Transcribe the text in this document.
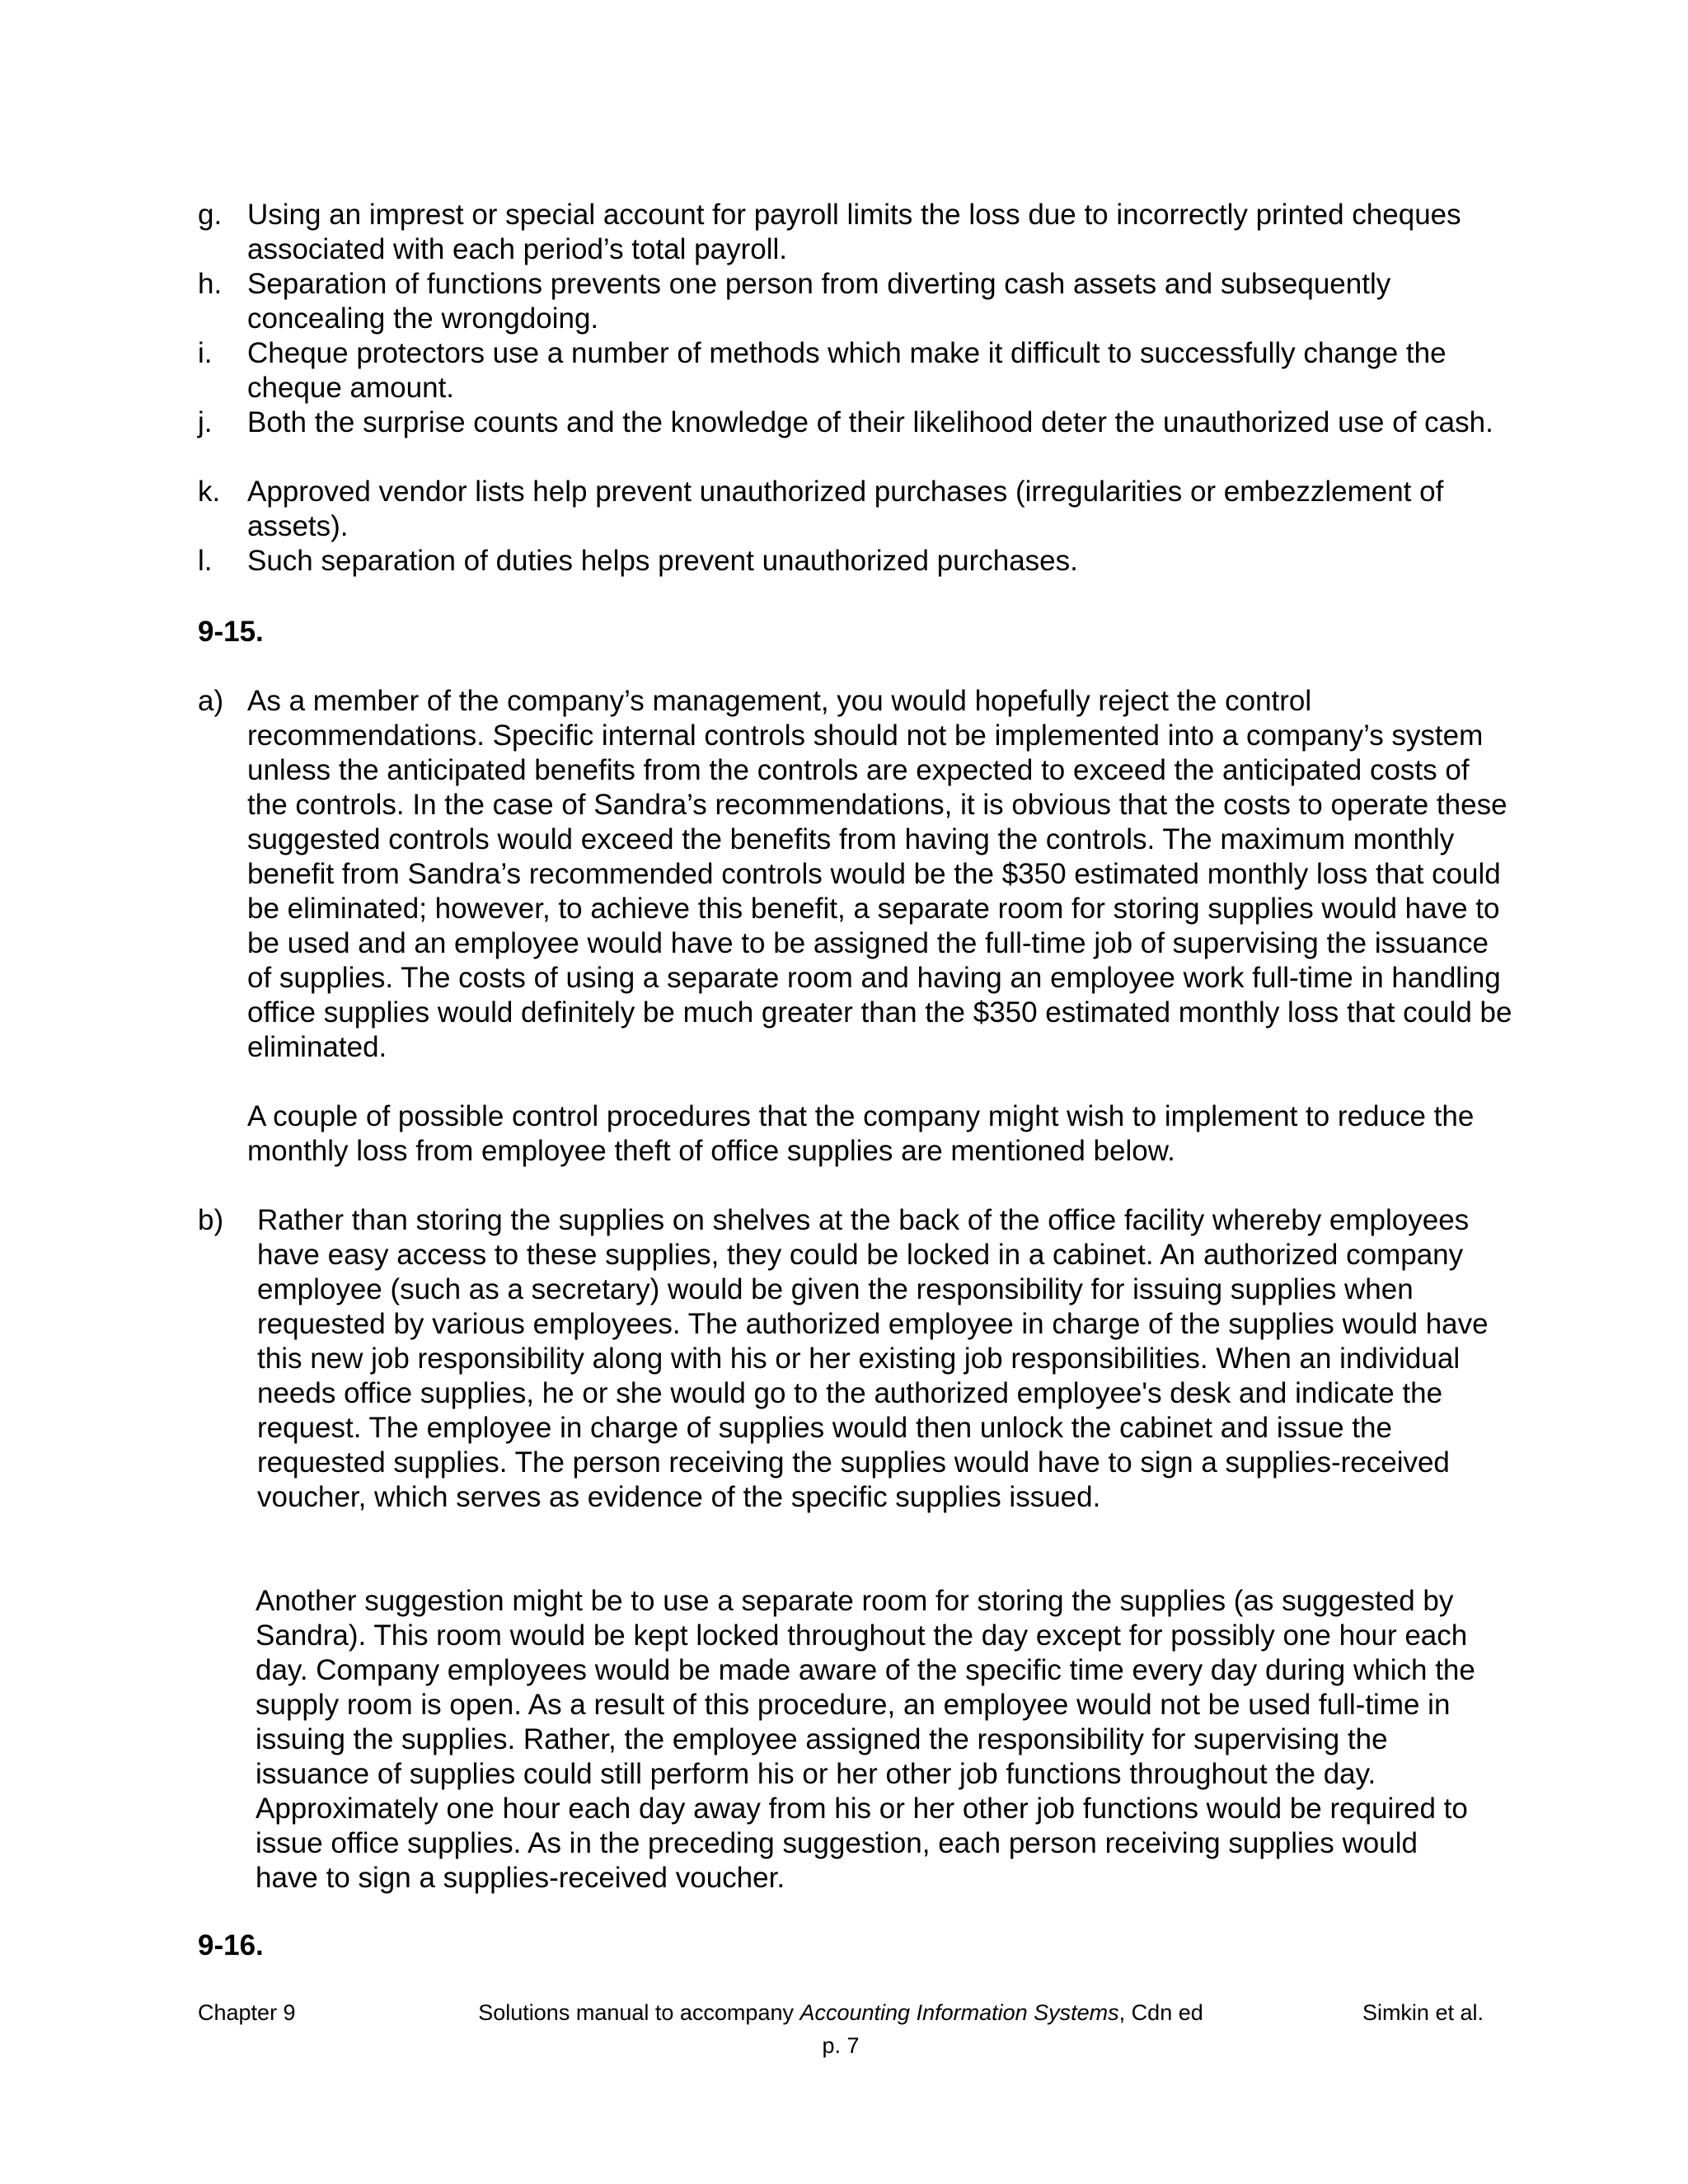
g. Using an imprest or special account for payroll limits the loss due to incorrectly printed cheques associated with each period’s total payroll.
h. Separation of functions prevents one person from diverting cash assets and subsequently concealing the wrongdoing.
i. Cheque protectors use a number of methods which make it difficult to successfully change the cheque amount.
j. Both the surprise counts and the knowledge of their likelihood deter the unauthorized use of cash.
k. Approved vendor lists help prevent unauthorized purchases (irregularities or embezzlement of assets).
l. Such separation of duties helps prevent unauthorized purchases.
9-15.
a) As a member of the company’s management, you would hopefully reject the control recommendations. Specific internal controls should not be implemented into a company’s system unless the anticipated benefits from the controls are expected to exceed the anticipated costs of the controls. In the case of Sandra’s recommendations, it is obvious that the costs to operate these suggested controls would exceed the benefits from having the controls. The maximum monthly benefit from Sandra’s recommended controls would be the $350 estimated monthly loss that could be eliminated; however, to achieve this benefit, a separate room for storing supplies would have to be used and an employee would have to be assigned the full-time job of supervising the issuance of supplies. The costs of using a separate room and having an employee work full-time in handling office supplies would definitely be much greater than the $350 estimated monthly loss that could be eliminated.
A couple of possible control procedures that the company might wish to implement to reduce the monthly loss from employee theft of office supplies are mentioned below.
b) Rather than storing the supplies on shelves at the back of the office facility whereby employees have easy access to these supplies, they could be locked in a cabinet. An authorized company employee (such as a secretary) would be given the responsibility for issuing supplies when requested by various employees. The authorized employee in charge of the supplies would have this new job responsibility along with his or her existing job responsibilities. When an individual needs office supplies, he or she would go to the authorized employee's desk and indicate the request. The employee in charge of supplies would then unlock the cabinet and issue the requested supplies. The person receiving the supplies would have to sign a supplies-received voucher, which serves as evidence of the specific supplies issued.
Another suggestion might be to use a separate room for storing the supplies (as suggested by Sandra). This room would be kept locked throughout the day except for possibly one hour each day. Company employees would be made aware of the specific time every day during which the supply room is open. As a result of this procedure, an employee would not be used full-time in issuing the supplies. Rather, the employee assigned the responsibility for supervising the issuance of supplies could still perform his or her other job functions throughout the day. Approximately one hour each day away from his or her other job functions would be required to issue office supplies. As in the preceding suggestion, each person receiving supplies would have to sign a supplies-received voucher.
9-16.
Chapter 9	Solutions manual to accompany Accounting Information Systems, Cdn ed	Simkin et al.
p. 7
